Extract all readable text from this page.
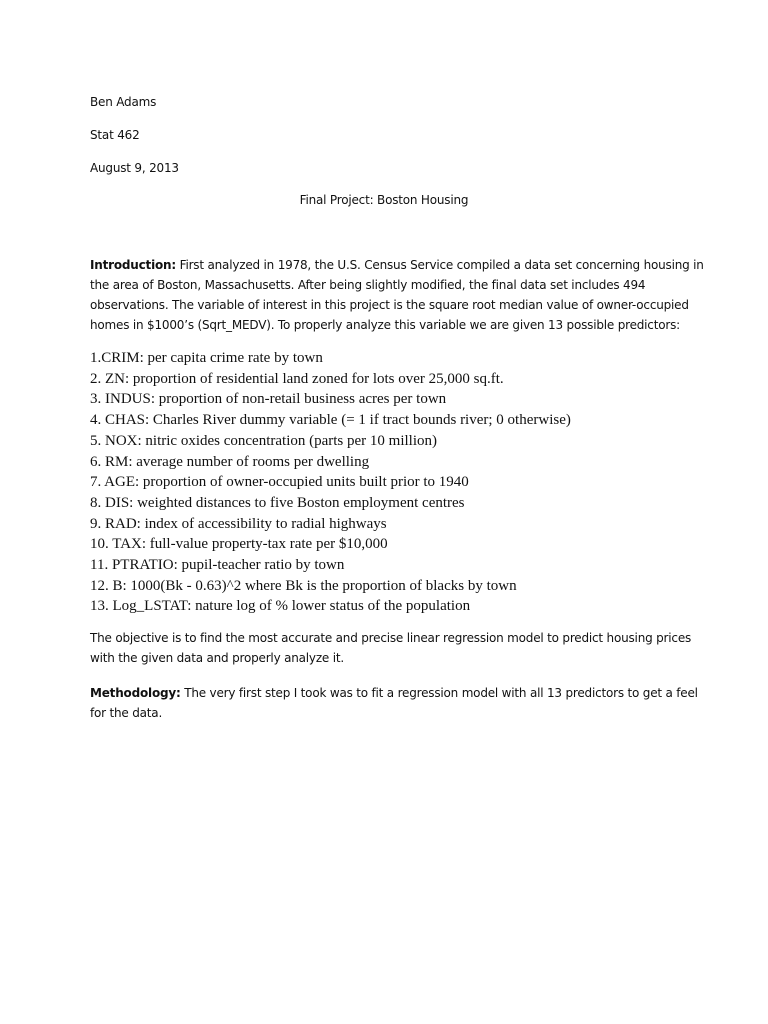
Ben Adams
Stat 462
August 9, 2013
Final Project: Boston Housing

Introduction: First analyzed in 1978, the U.S. Census Service compiled a data set concerning housing in

the area of Boston, Massachusetts. After being slightly modified, the final data set includes 494

observations. The variable of interest in this project is the square root median value of owner-occupied

homes in $1000’s (Sqrt_MEDV). To properly analyze this variable we are given 13 possible predictors:

1.CRIM: per capita crime rate by town
2. ZN: proportion of residential land zoned for lots over 25,000 sq.ft.
3. INDUS: proportion of non-retail business acres per town
4. CHAS: Charles River dummy variable (= 1 if tract bounds river; 0 otherwise)
5. NOX: nitric oxides concentration (parts per 10 million)
6. RM: average number of rooms per dwelling
7. AGE: proportion of owner-occupied units built prior to 1940
8. DIS: weighted distances to five Boston employment centres
9. RAD: index of accessibility to radial highways
10. TAX: full-value property-tax rate per $10,000
11. PTRATIO: pupil-teacher ratio by town
12. B: 1000(Bk - 0.63)^2 where Bk is the proportion of blacks by town
13. Log_LSTAT: nature log of % lower status of the population

The objective is to find the most accurate and precise linear regression model to predict housing prices

with the given data and properly analyze it.

Methodology: The very first step I took was to fit a regression model with all 13 predictors to get a feel

for the data.
